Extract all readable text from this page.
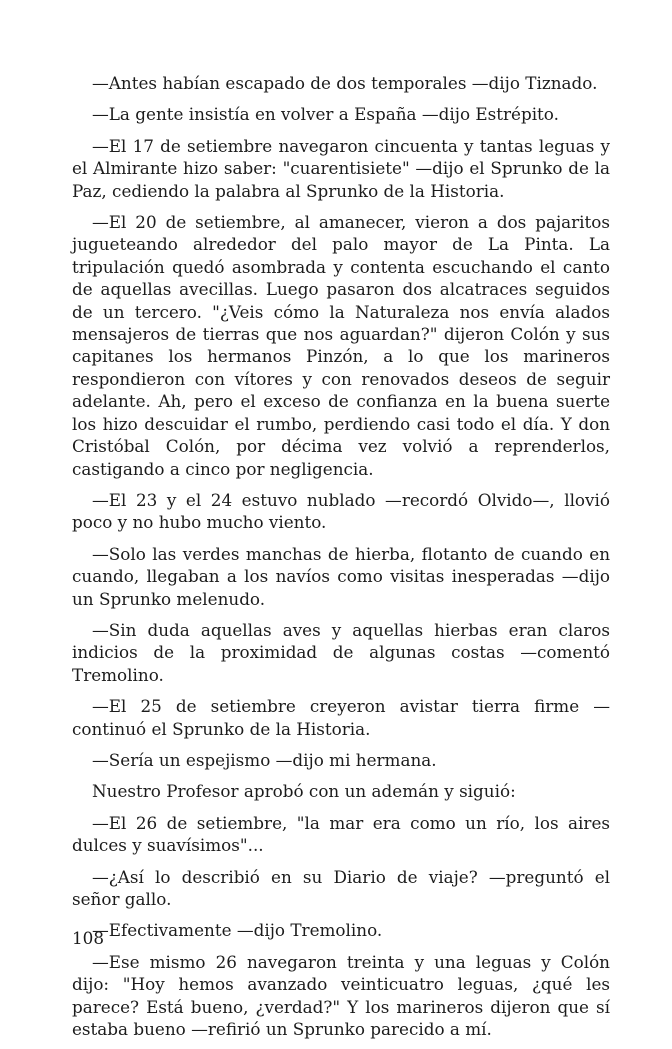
—Antes habían escapado de dos temporales —dijo Tiznado.

—La gente insistía en volver a España —dijo Estrépito.

—El 17 de setiembre navegaron cincuenta y tantas leguas y el Almirante hizo saber: "cuarentisiete" —dijo el Sprunko de la Paz, cediendo la palabra al Sprunko de la Historia.

—El 20 de setiembre, al amanecer, vieron a dos pajaritos jugueteando alrededor del palo mayor de La Pinta. La tripulación quedó asombrada y contenta escuchando el canto de aquellas avecillas. Luego pasaron dos alcatraces seguidos de un tercero. "¿Veis cómo la Naturaleza nos envía alados mensajeros de tierras que nos aguardan?" dijeron Colón y sus capitanes los hermanos Pinzón, a lo que los marineros respondieron con vítores y con renovados deseos de seguir adelante. Ah, pero el exceso de confianza en la buena suerte los hizo descuidar el rumbo, perdiendo casi todo el día. Y don Cristóbal Colón, por décima vez volvió a reprenderlos, castigando a cinco por negligencia.

—El 23 y el 24 estuvo nublado —recordó Olvido—, llovió poco y no hubo mucho viento.

—Solo las verdes manchas de hierba, flotanto de cuando en cuando, llegaban a los navíos como visitas inesperadas —dijo un Sprunko melenudo.

—Sin duda aquellas aves y aquellas hierbas eran claros indicios de la proximidad de algunas costas —comentó Tremolino.

—El 25 de setiembre creyeron avistar tierra firme —continuó el Sprunko de la Historia.

—Sería un espejismo —dijo mi hermana.

Nuestro Profesor aprobó con un ademán y siguió:

—El 26 de setiembre, "la mar era como un río, los aires dulces y suavísimos"...

—¿Así lo describió en su Diario de viaje? —preguntó el señor gallo.

—Efectivamente —dijo Tremolino.

—Ese mismo 26 navegaron treinta y una leguas y Colón dijo: "Hoy hemos avanzado veinticuatro leguas, ¿qué les parece? Está bueno, ¿verdad?" Y los marineros dijeron que sí estaba bueno —refirió un Sprunko parecido a mí.

108
